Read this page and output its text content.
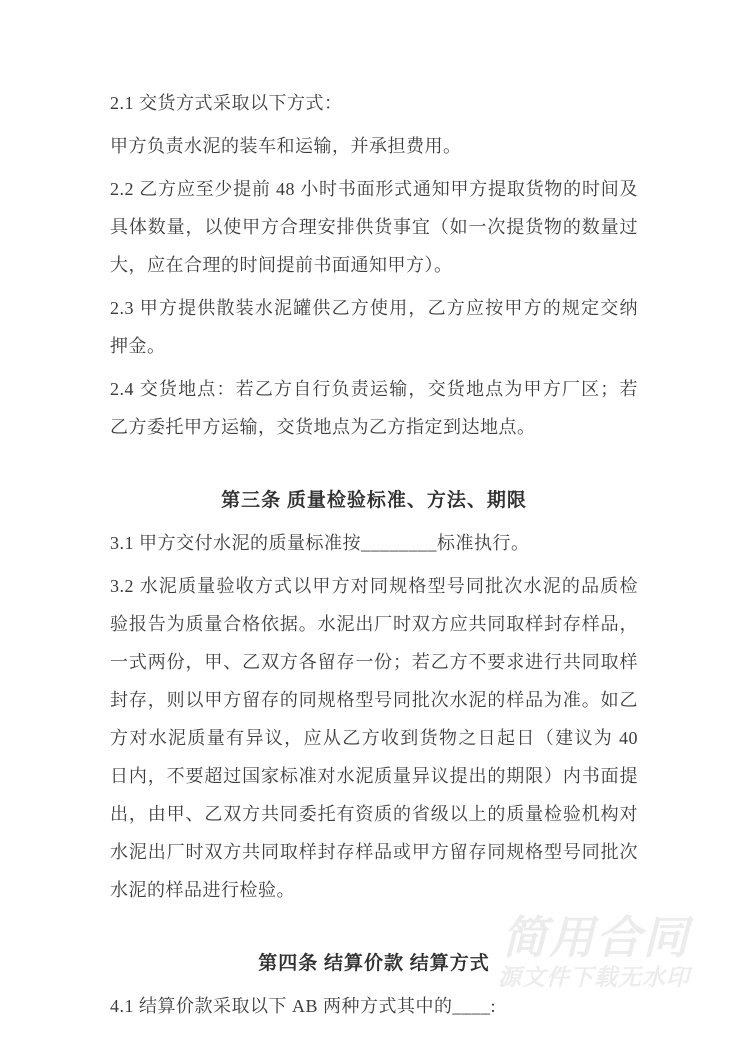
2.1 交货方式采取以下方式：

甲方负责水泥的装车和运输，并承担费用。

2.2 乙方应至少提前 48 小时书面形式通知甲方提取货物的时间及具体数量，以使甲方合理安排供货事宜（如一次提货物的数量过大，应在合理的时间提前书面通知甲方）。

2.3 甲方提供散装水泥罐供乙方使用，乙方应按甲方的规定交纳押金。

2.4 交货地点：若乙方自行负责运输，交货地点为甲方厂区；若乙方委托甲方运输，交货地点为乙方指定到达地点。

第三条 质量检验标准、方法、期限

3.1 甲方交付水泥的质量标准按________标准执行。

3.2 水泥质量验收方式以甲方对同规格型号同批次水泥的品质检验报告为质量合格依据。水泥出厂时双方应共同取样封存样品，一式两份，甲、乙双方各留存一份；若乙方不要求进行共同取样封存，则以甲方留存的同规格型号同批次水泥的样品为准。如乙方对水泥质量有异议，应从乙方收到货物之日起日（建议为 40 日内，不要超过国家标准对水泥质量异议提出的期限）内书面提出，由甲、乙双方共同委托有资质的省级以上的质量检验机构对水泥出厂时双方共同取样封存样品或甲方留存同规格型号同批次水泥的样品进行检验。

第四条 结算价款 结算方式

4.1 结算价款采取以下 AB 两种方式其中的____:

简用合同
源文件下载无水印
